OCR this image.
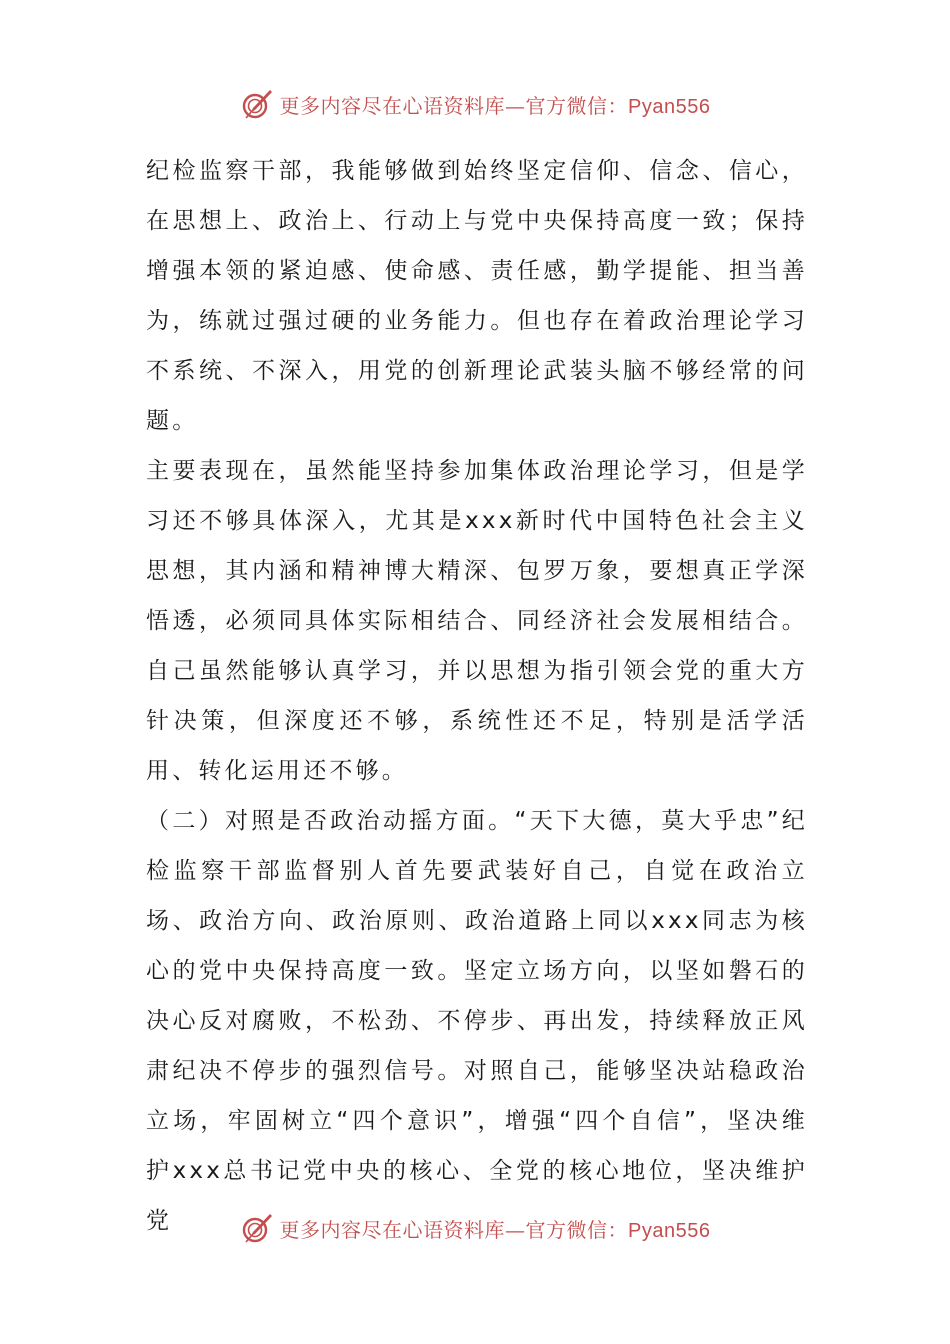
更多内容尽在心语资料库—官方微信：Pyan556

纪检监察干部，我能够做到始终坚定信仰、信念、信心，在思想上、政治上、行动上与党中央保持高度一致；保持增强本领的紧迫感、使命感、责任感，勤学提能、担当善为，练就过强过硬的业务能力。但也存在着政治理论学习不系统、不深入，用党的创新理论武装头脑不够经常的问题。

主要表现在，虽然能坚持参加集体政治理论学习，但是学习还不够具体深入，尤其是xxx新时代中国特色社会主义思想，其内涵和精神博大精深、包罗万象，要想真正学深悟透，必须同具体实际相结合、同经济社会发展相结合。自己虽然能够认真学习，并以思想为指引领会党的重大方针决策，但深度还不够，系统性还不足，特别是活学活用、转化运用还不够。

（二）对照是否政治动摇方面。“天下大德，莫大乎忠”纪检监察干部监督别人首先要武装好自己，自觉在政治立场、政治方向、政治原则、政治道路上同以xxx同志为核心的党中央保持高度一致。坚定立场方向，以坚如磐石的决心反对腐败，不松劲、不停步、再出发，持续释放正风肃纪决不停步的强烈信号。对照自己，能够坚决站稳政治立场，牢固树立“四个意识”，增强“四个自信”，坚决维护xxx总书记党中央的核心、全党的核心地位，坚决维护党	更多内容尽在心语资料库—官方微信：Pyan556
